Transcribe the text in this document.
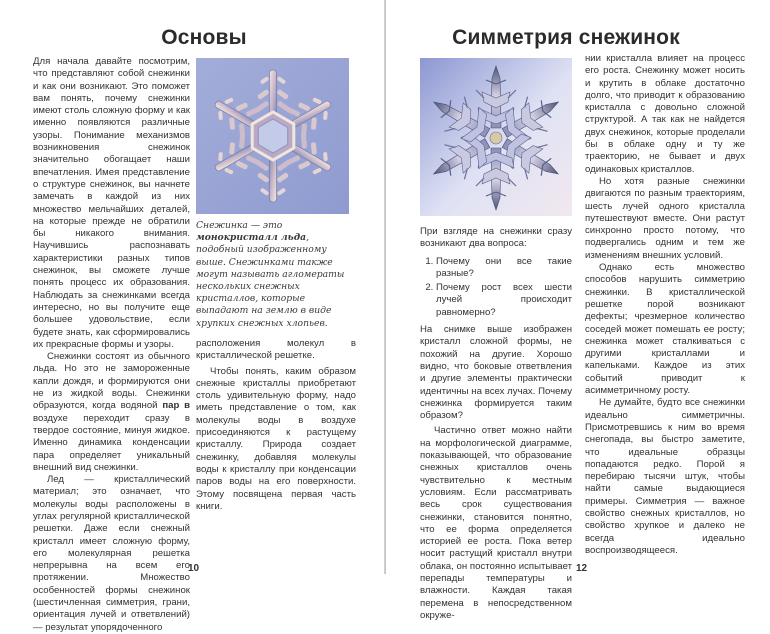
Основы

Для начала давайте посмотрим, что представляют собой снежинки и как они возникают. Это поможет вам понять, почему снежинки имеют столь сложную форму и как именно появляются различные узоры. Понимание механизмов возникновения снежинок значительно обогащает наши впечатления. Имея представление о структуре снежинок, вы начнете замечать в каждой из них множество мельчайших деталей, на которые прежде не обратили бы никакого внимания. Научившись распознавать характеристики разных типов снежинок, вы сможете лучше понять процесс их образования. Наблюдать за снежинками всегда интересно, но вы получите еще большее удовольствие, если будете знать, как сформировались их прекрасные формы и узоры.

Снежинки состоят из обычного льда. Но это не замороженные капли дождя, и формируются они не из жидкой воды. Снежинки образуются, когда водяной пар в воздухе переходит сразу в твердое состояние, минуя жидкое. Именно динамика конденсации пара определяет уникальный внешний вид снежинки.

Лед — кристаллический материал; это означает, что молекулы воды расположены в углах регулярной кристаллической решетки. Даже если снежный кристалл имеет сложную форму, его молекулярная решетка непрерывна на всем его протяжении. Множество особенностей формы снежинок (шестичленная симметрия, грани, ориентация лучей и ответвлений) — результат упорядоченного

Снежинка — это монокристалл льда, подобный изображенному выше. Снежинками также могут называть агломераты нескольких снежных кристаллов, которые выпадают на землю в виде хрупких снежных хлопьев.

расположения молекул в кристаллической решетке.

Чтобы понять, каким образом снежные кристаллы приобретают столь удивительную форму, надо иметь представление о том, как молекулы воды в воздухе присоединяются к растущему кристаллу. Природа создает снежинку, добавляя молекулы воды к кристаллу при конденсации паров воды на его поверхности. Этому посвящена первая часть книги.

10
Симметрия снежинок

При взгляде на снежинки сразу возникают два вопроса:

1. Почему они все такие разные?
2. Почему рост всех шести лучей происходит равномерно?

На снимке выше изображен кристалл сложной формы, не похожий на другие. Хорошо видно, что боковые ответвления и другие элементы практически идентичны на всех лучах. Почему снежинка формируется таким образом?

Частично ответ можно найти на морфологической диаграмме, показывающей, что образование снежных кристаллов очень чувствительно к местным условиям. Если рассматривать весь срок существования снежинки, становится понятно, что ее форма определяется историей ее роста. Пока ветер носит растущий кристалл внутри облака, он постоянно испытывает перепады температуры и влажности. Каждая такая перемена в непосредственном окруже-

нии кристалла влияет на процесс его роста. Снежинку может носить и крутить в облаке достаточно долго, что приводит к образованию кристалла с довольно сложной структурой. А так как не найдется двух снежинок, которые проделали бы в облаке одну и ту же траекторию, не бывает и двух одинаковых кристаллов.

Но хотя разные снежинки двигаются по разным траекториям, шесть лучей одного кристалла путешествуют вместе. Они растут синхронно просто потому, что подвергались одним и тем же изменениям внешних условий.

Однако есть множество способов нарушить симметрию снежинки. В кристаллической решетке порой возникают дефекты; чрезмерное количество соседей может помешать ее росту; снежинка может сталкиваться с другими кристаллами и капельками. Каждое из этих событий приводит к асимметричному росту.

Не думайте, будто все снежинки идеально симметричны. Присмотревшись к ним во время снегопада, вы быстро заметите, что идеальные образцы попадаются редко. Порой я перебираю тысячи штук, чтобы найти самые выдающиеся примеры. Симметрия — важное свойство снежных кристаллов, но свойство хрупкое и далеко не всегда идеально воспроизводящееся.

12
